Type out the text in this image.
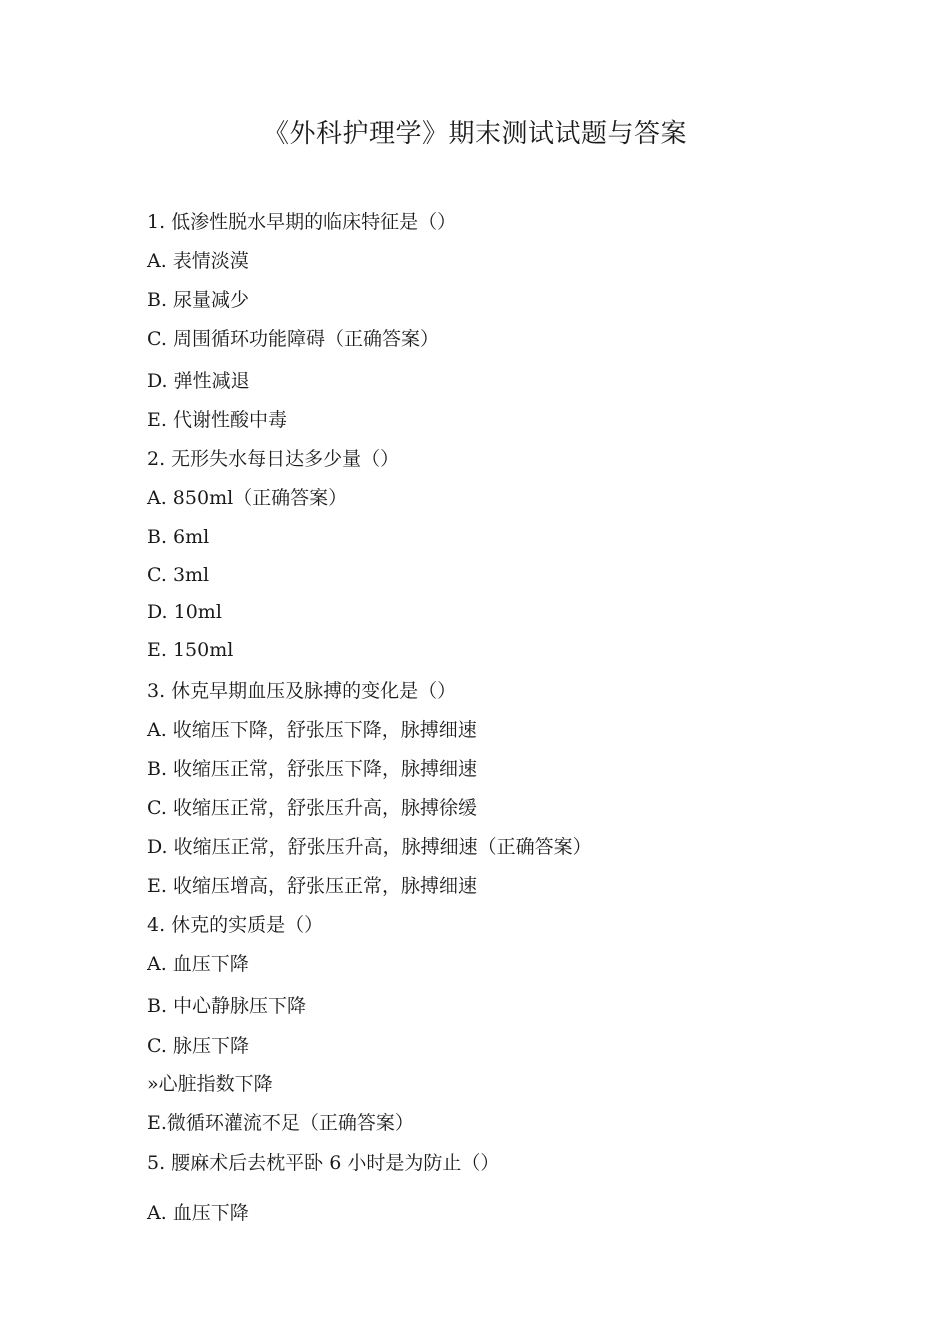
《外科护理学》期末测试试题与答案
1. 低渗性脱水早期的临床特征是（）
A. 表情淡漠
B. 尿量减少
C. 周围循环功能障碍（正确答案）
D. 弹性减退
E. 代谢性酸中毒
2. 无形失水每日达多少量（）
A. 850ml（正确答案）
B. 6ml
C. 3ml
D. 10ml
E. 150ml
3. 休克早期血压及脉搏的变化是（）
A. 收缩压下降，舒张压下降，脉搏细速
B. 收缩压正常，舒张压下降，脉搏细速
C. 收缩压正常，舒张压升高，脉搏徐缓
D. 收缩压正常，舒张压升高，脉搏细速（正确答案）
E. 收缩压增高，舒张压正常，脉搏细速
4. 休克的实质是（）
A. 血压下降
B. 中心静脉压下降
C. 脉压下降
»心脏指数下降
E.微循环灌流不足（正确答案）
5. 腰麻术后去枕平卧 6 小时是为防止（）
A. 血压下降
